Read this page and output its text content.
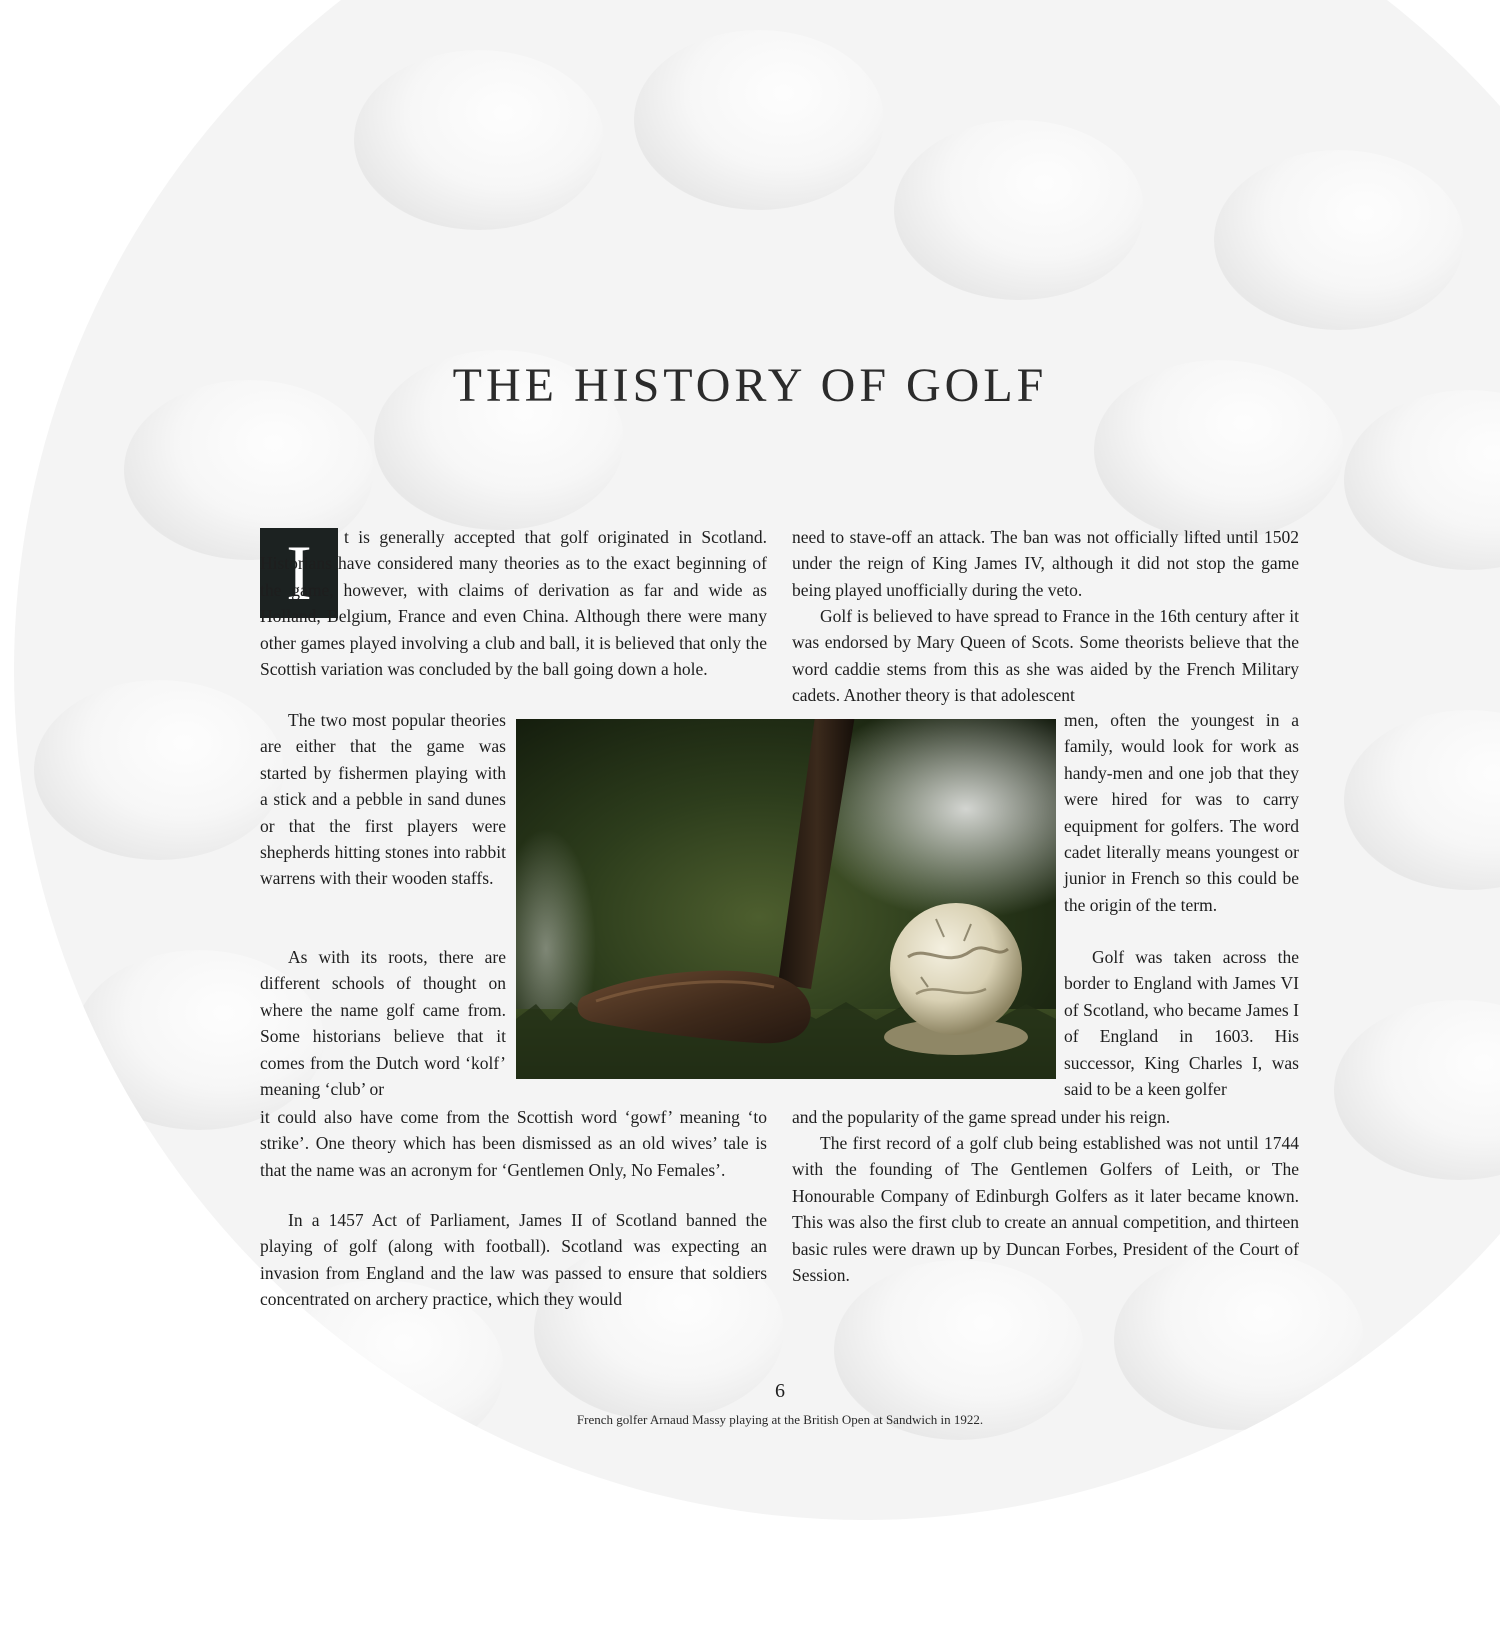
THE HISTORY OF GOLF
I	t is generally accepted that golf originated in Scotland. Historians have considered many theories as to the exact beginning of the game, however, with claims of derivation as far and wide as Holland, Belgium, France and even China. Although there were many other games played involving a club and ball, it is believed that only the Scottish variation was concluded by the ball going down a hole.

The two most popular theories are either that the game was started by fishermen playing with a stick and a pebble in sand dunes or that the first players were shepherds hitting stones into rabbit warrens with their wooden staffs.

As with its roots, there are different schools of thought on where the name golf came from. Some historians believe that it comes from the Dutch word ‘kolf’ meaning ‘club’ or

it could also have come from the Scottish word ‘gowf’ meaning ‘to strike’. One theory which has been dismissed as an old wives’ tale is that the name was an acronym for ‘Gentlemen Only, No Females’.

In a 1457 Act of Parliament, James II of Scotland banned the playing of golf (along with football). Scotland was expecting an invasion from England and the law was passed to ensure that soldiers concentrated on archery practice, which they would

need to stave-off an attack. The ban was not officially lifted until 1502 under the reign of King James IV, although it did not stop the game being played unofficially during the veto.

Golf is believed to have spread to France in the 16th century after it was endorsed by Mary Queen of Scots. Some theorists believe that the word caddie stems from this as she was aided by the French Military cadets. Another theory is that adolescent

men, often the youngest in a family, would look for work as handy-men and one job that they were hired for was to carry equipment for golfers. The word cadet literally means youngest or junior in French so this could be the origin of the term.

Golf was taken across the border to England with James VI of Scotland, who became James I of England in 1603. His successor, King Charles I, was said to be a keen golfer

and the popularity of the game spread under his reign.

The first record of a golf club being established was not until 1744 with the founding of The Gentlemen Golfers of Leith, or The Honourable Company of Edinburgh Golfers as it later became known. This was also the first club to create an annual competition, and thirteen basic rules were drawn up by Duncan Forbes, President of the Court of Session.

6

French golfer Arnaud Massy playing at the British Open at Sandwich in 1922.
